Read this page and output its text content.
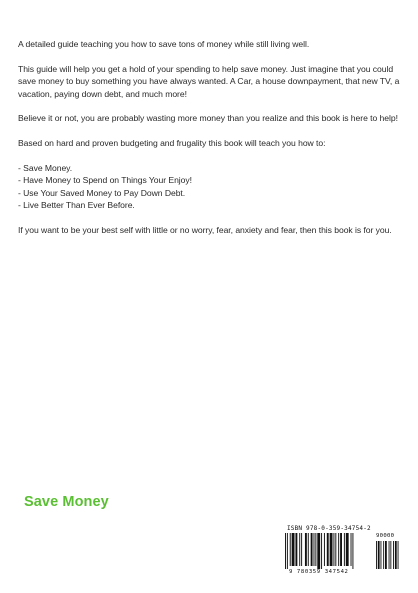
A detailed guide teaching you how to save tons of money while still living well.

This guide will help you get a hold of your spending to help save money. Just imagine that you could save money to buy something you have always wanted. A Car, a house downpayment, that new TV, a vacation, paying down debt, and much more!

Believe it or not, you are probably wasting more money than you realize and this book is here to help!

Based on hard and proven budgeting and frugality this book will teach you how to:

- Save Money.
- Have Money to Spend on Things Your Enjoy!
- Use Your Saved Money to Pay Down Debt.
- Live Better Than Ever Before.

If you want to be your best self with little or no worry, fear, anxiety and fear, then this book is for you.

Save Money
ISBN 978-0-359-34754-2
90000
9 780359 347542
